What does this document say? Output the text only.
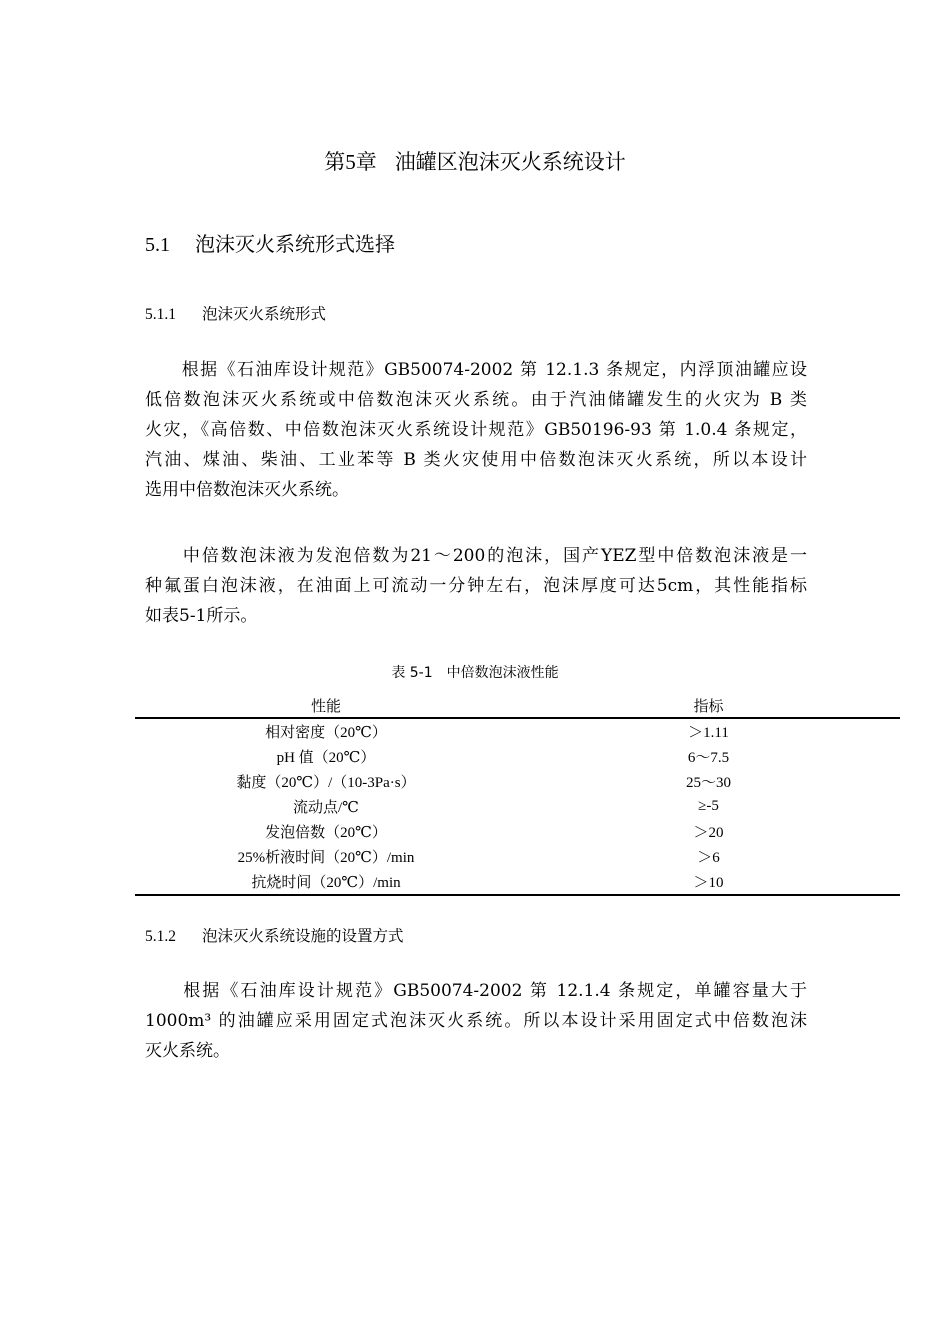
第5章 油罐区泡沫灭火系统设计
5.1 泡沫灭火系统形式选择
5.1.1 泡沫灭火系统形式
　　根据《石油库设计规范》GB50074-2002 第 12.1.3 条规定，内浮顶油罐应设
低倍数泡沫灭火系统或中倍数泡沫灭火系统。由于汽油储罐发生的火灾为 B 类
火灾，《高倍数、中倍数泡沫灭火系统设计规范》GB50196-93 第 1.0.4 条规定，
汽油、煤油、柴油、工业苯等 B 类火灾使用中倍数泡沫灭火系统，所以本设计
选用中倍数泡沫灭火系统。
　　中倍数泡沫液为发泡倍数为21～200的泡沫，国产YEZ型中倍数泡沫液是一
种氟蛋白泡沫液，在油面上可流动一分钟左右，泡沫厚度可达5cm，其性能指标
如表5-1所示。
表 5-1　中倍数泡沫液性能
性能	指标
相对密度（20℃）	＞1.11
pH 值（20℃）	6～7.5
黏度（20℃）/（10-3Pa·s）	25～30
流动点/℃	≥-5
发泡倍数（20℃）	＞20
25%析液时间（20℃）/min	＞6
抗烧时间（20℃）/min	＞10
5.1.2 泡沫灭火系统设施的设置方式
　　根据《石油库设计规范》GB50074-2002 第 12.1.4 条规定，单罐容量大于
1000m³ 的油罐应采用固定式泡沫灭火系统。所以本设计采用固定式中倍数泡沫
灭火系统。
